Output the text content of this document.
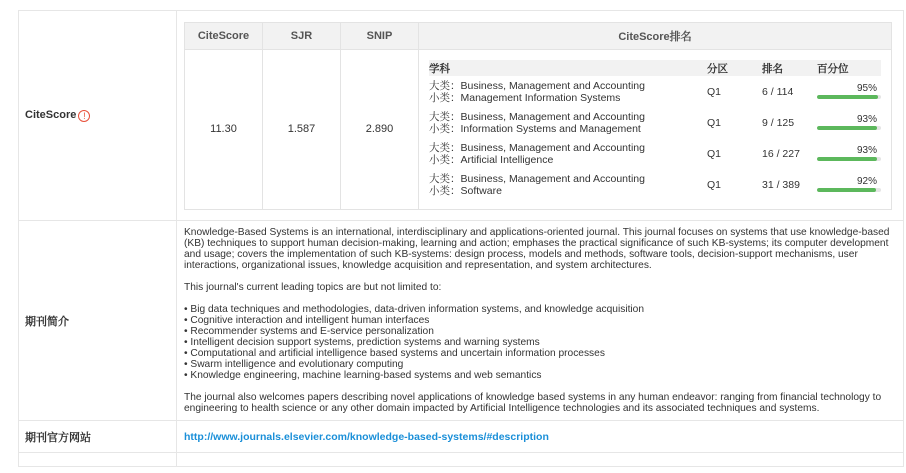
CiteScore !	
CiteScore	SJR	SNIP	CiteScore排名
11.30	1.587	2.890	
学科	分区	排名	百分位

大类：Business, Management and Accounting
小类：Management Information Systems	Q1	6 / 114	95%

大类：Business, Management and Accounting
小类：Information Systems and Management	Q1	9 / 125	93%

大类：Business, Management and Accounting
小类：Artificial Intelligence	Q1	16 / 227	93%

大类：Business, Management and Accounting
小类：Software	Q1	31 / 389	92%

期刊简介	

Knowledge-Based Systems is an international, interdisciplinary and applications-oriented journal. This journal focuses on systems that use knowledge-based (KB) techniques to support human decision-making, learning and action; emphases the practical significance of such KB-systems; its computer development and usage; covers the implementation of such KB-systems: design process, models and methods, software tools, decision-support mechanisms, user interactions, organizational issues, knowledge acquisition and representation, and system architectures.

This journal's current leading topics are but not limited to:

• Big data techniques and methodologies, data-driven information systems, and knowledge acquisition
• Cognitive interaction and intelligent human interfaces
• Recommender systems and E-service personalization
• Intelligent decision support systems, prediction systems and warning systems
• Computational and artificial intelligence based systems and uncertain information processes
• Swarm intelligence and evolutionary computing
• Knowledge engineering, machine learning-based systems and web semantics

The journal also welcomes papers describing novel applications of knowledge based systems in any human endeavor: ranging from financial technology to engineering to health science or any other domain impacted by Artificial Intelligence technologies and its associated techniques and systems.

期刊官方网站	http://www.journals.elsevier.com/knowledge-based-systems/#description
